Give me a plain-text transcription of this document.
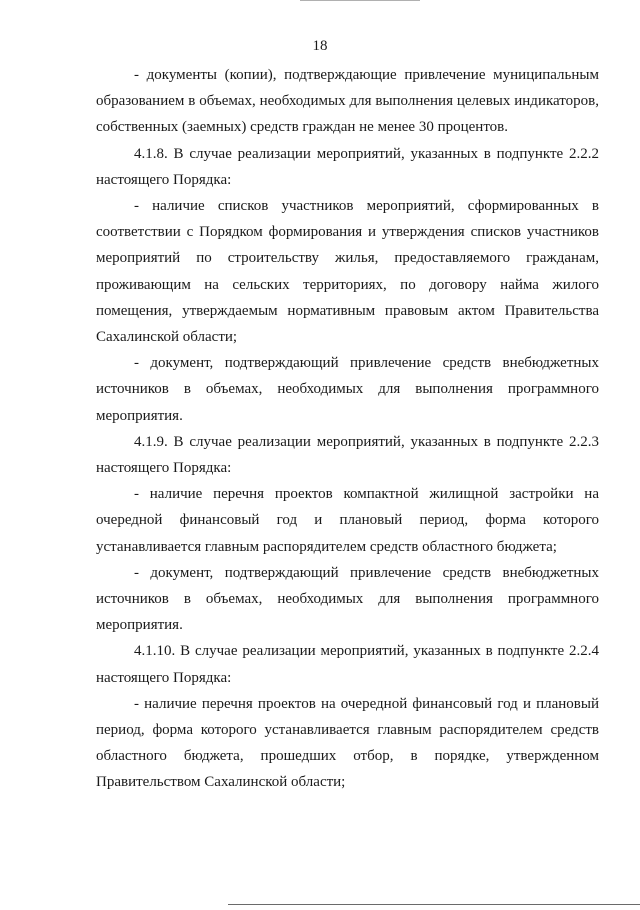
18

- документы (копии), подтверждающие привлечение муниципальным образованием в объемах, необходимых для выполнения целевых индикаторов, собственных (заемных) средств граждан не менее 30 процентов.

4.1.8. В случае реализации мероприятий, указанных в подпункте 2.2.2 настоящего Порядка:

- наличие списков участников мероприятий, сформированных в соответствии с Порядком формирования и утверждения списков участников мероприятий по строительству жилья, предоставляемого гражданам, проживающим на сельских территориях, по договору найма жилого помещения, утверждаемым нормативным правовым актом Правительства Сахалинской области;

- документ, подтверждающий привлечение средств внебюджетных источников в объемах, необходимых для выполнения программного мероприятия.

4.1.9. В случае реализации мероприятий, указанных в подпункте 2.2.3 настоящего Порядка:

- наличие перечня проектов компактной жилищной застройки на очередной финансовый год и плановый период, форма которого устанавливается главным распорядителем средств областного бюджета;

- документ, подтверждающий привлечение средств внебюджетных источников в объемах, необходимых для выполнения программного мероприятия.

4.1.10. В случае реализации мероприятий, указанных в подпункте 2.2.4 настоящего Порядка:

- наличие перечня проектов на очередной финансовый год и плановый период, форма которого устанавливается главным распорядителем средств областного бюджета, прошедших отбор, в порядке, утвержденном Правительством Сахалинской области;
